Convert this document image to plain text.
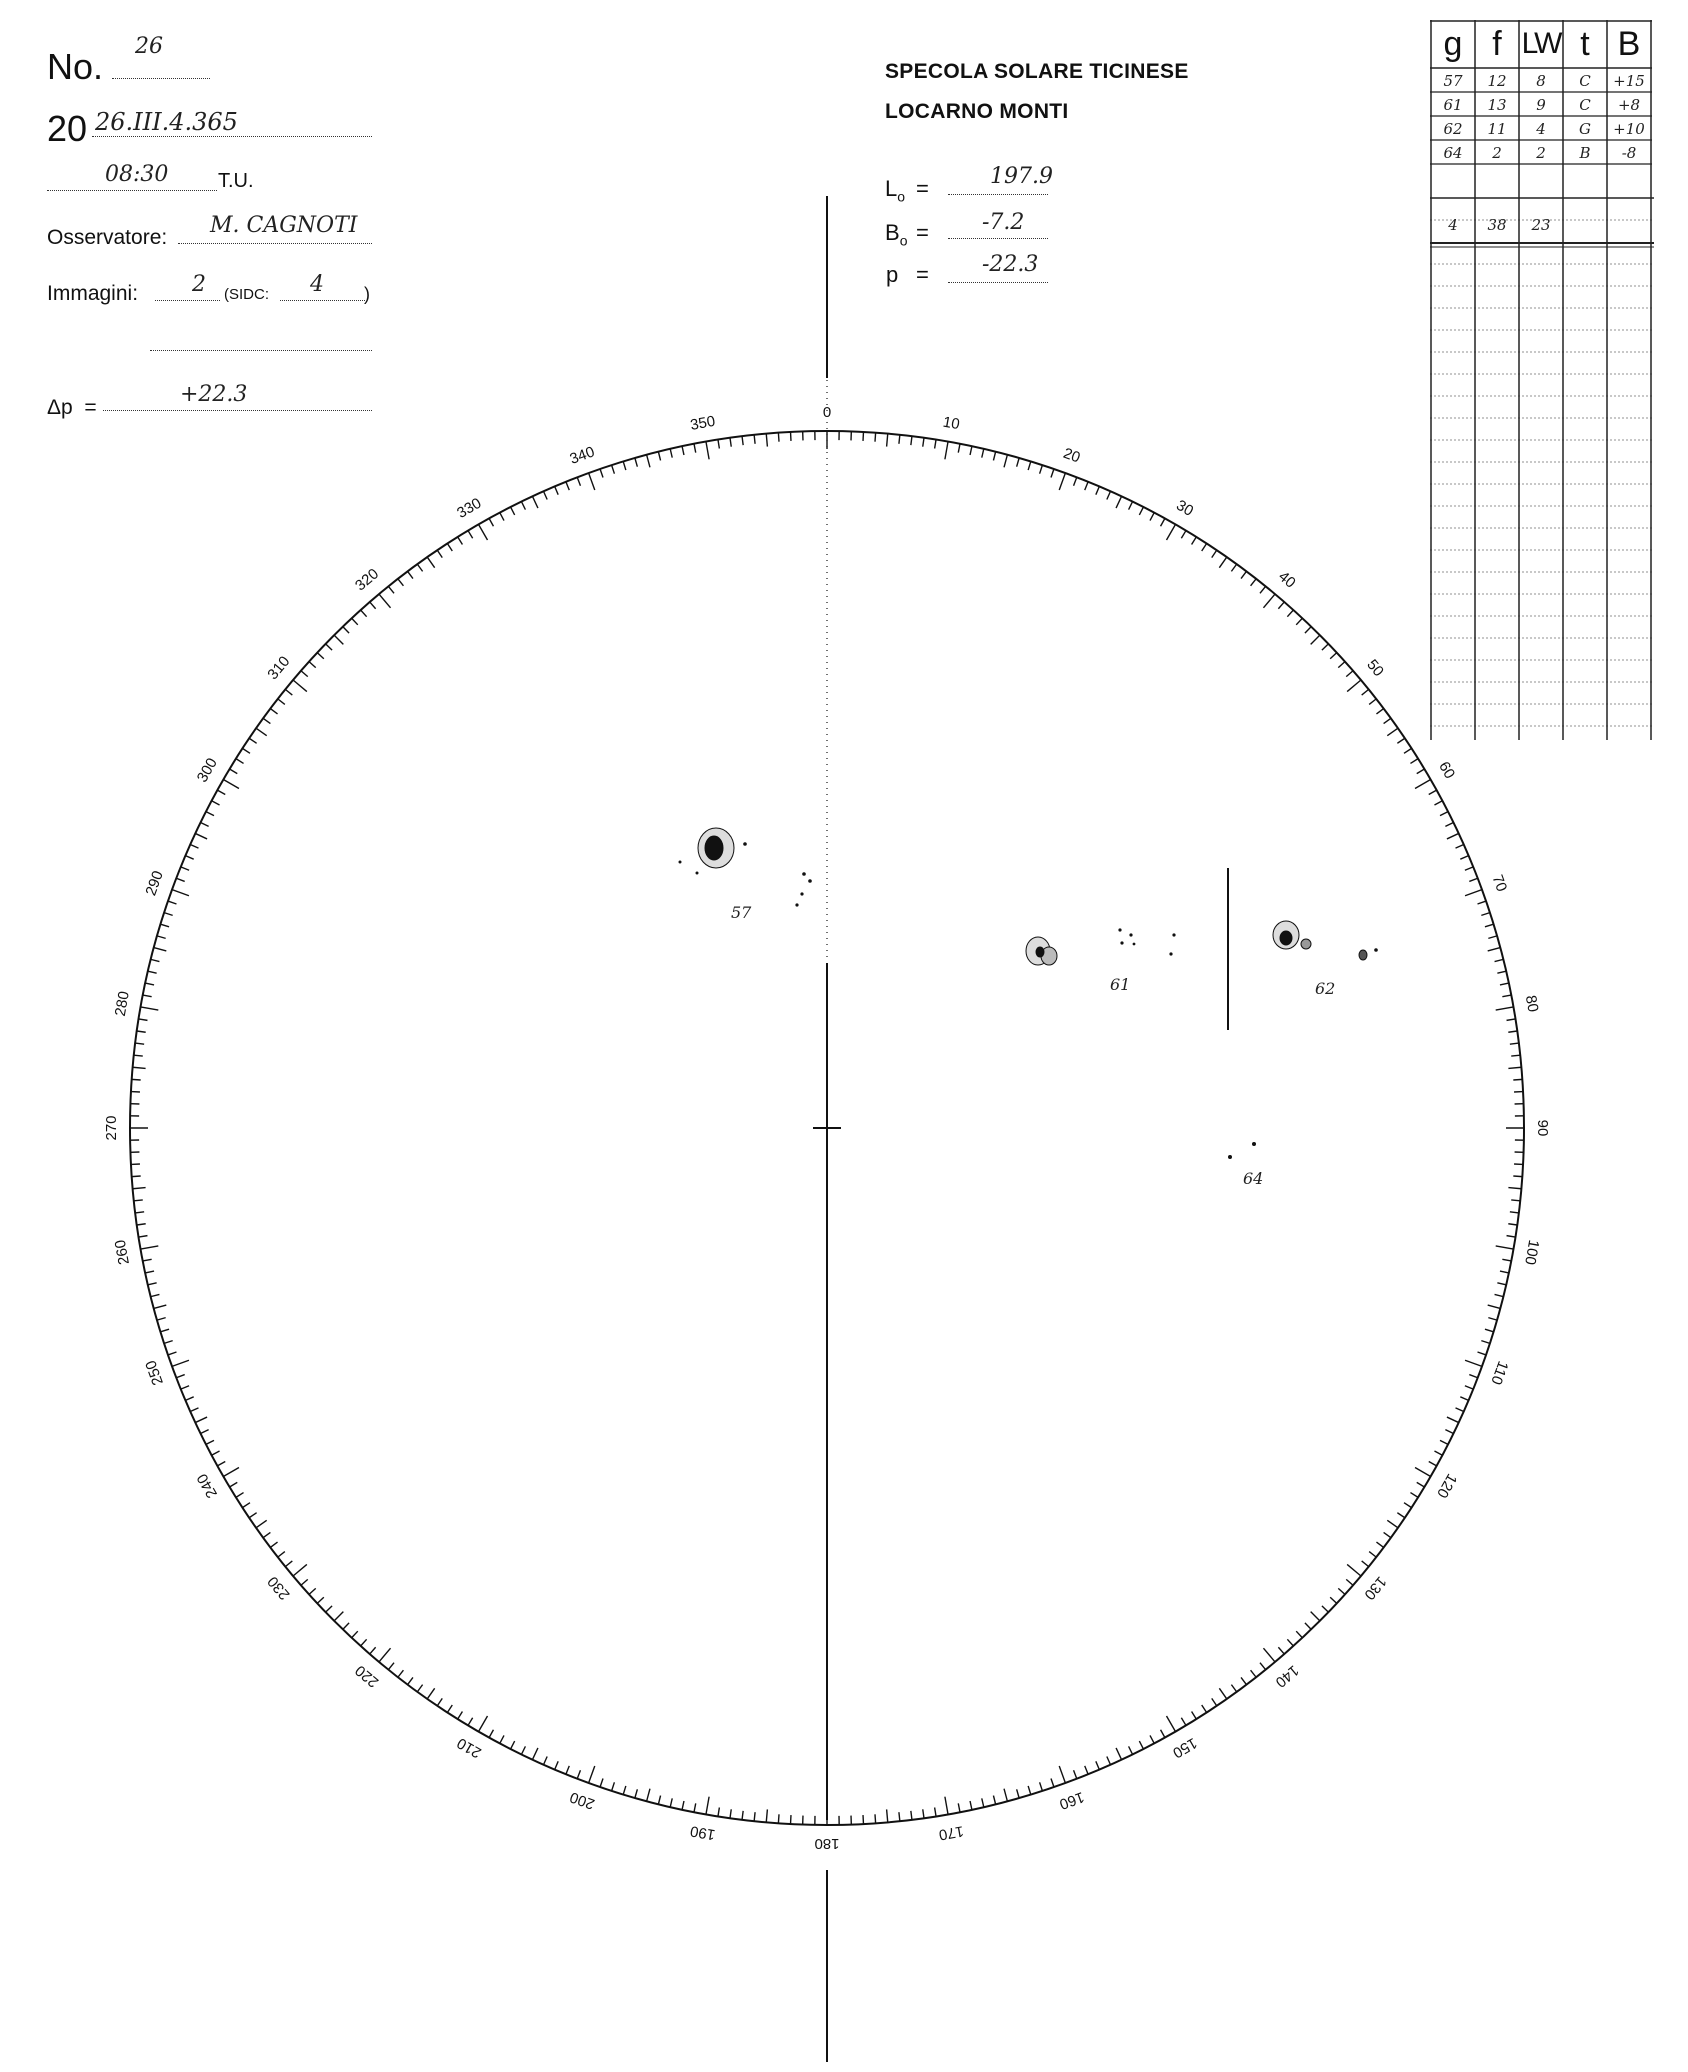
No. 26
20 26.III.4.365
08:30 T.U.
Osservatore: M. CAGNOTI
Immagini: 2 (SIDC: 4 )
Δp  =
+22.3
SPECOLA SOLARE TICINESE
LOCARNO MONTI
$L_o$ =	197.9
$B_o = -7.2$
p = -22.3
g f LW t B
57	12	8	C	+15
61	13	9	C	+8
62	11	4	G	+10
64	2	2	B	-8
4	38	23
0
10
20
30
40
50
60
70
80
90
100
110
120
130
140
150
160
170
180
190
200
210
220
230
240
250
260
270
280
290
300
310
320
330
340
350
57
61	62
64
